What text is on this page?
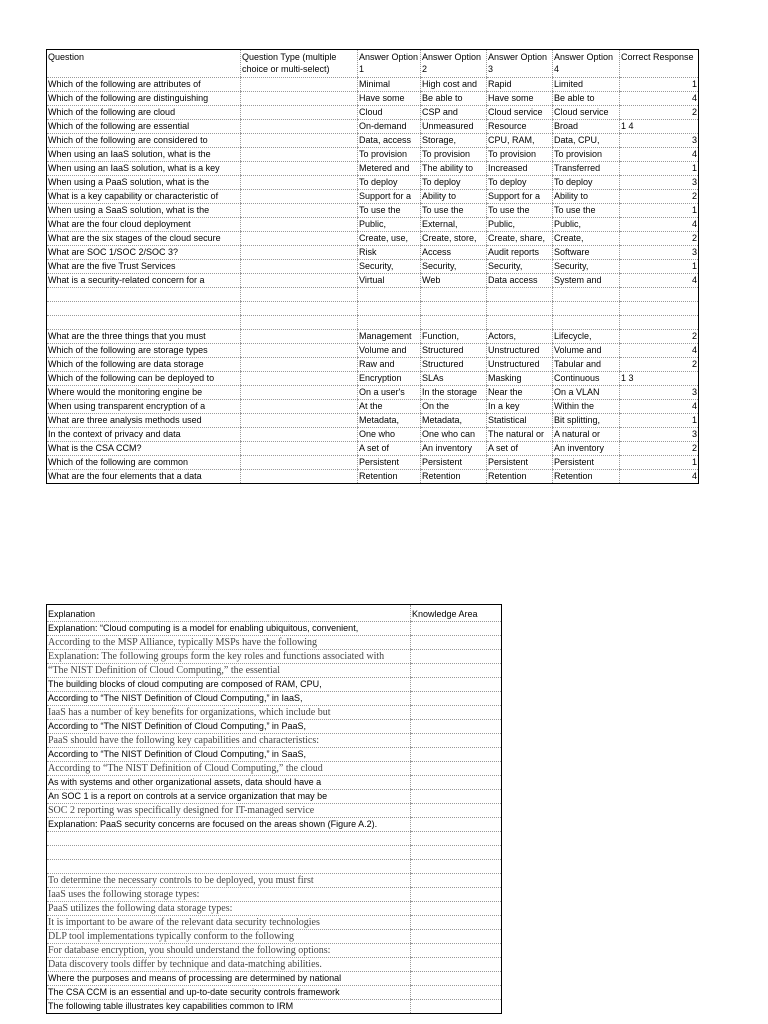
Question	Question Type (multiple choice or multi-select)	Answer Option 1	Answer Option 2	Answer Option 3	Answer Option 4	Correct Response
Which of the following are attributes of		Minimal	High cost and	Rapid	Limited	1
Which of the following are distinguishing		Have some	Be able to	Have some	Be able to	4
Which of the following are cloud		Cloud	CSP and	Cloud service	Cloud service	2
Which of the following are essential		On-demand	Unmeasured	Resource	Broad	1 4
Which of the following are considered to		Data, access	Storage,	CPU, RAM,	Data, CPU,	3
When using an IaaS solution, what is the		To provision	To provision	To provision	To provision	4
When using an IaaS solution, what is a key		Metered and	The ability to	Increased	Transferred	1
When using a PaaS solution, what is the		To deploy	To deploy	To deploy	To deploy	3
What is a key capability or characteristic of		Support for a	Ability to	Support for a	Ability to	2
When using a SaaS solution, what is the		To use the	To use the	To use the	To use the	1
What are the four cloud deployment		Public,	External,	Public,	Public,	4
What are the six stages of the cloud secure		Create, use,	Create, store,	Create, share,	Create,	2
What are SOC 1/SOC 2/SOC 3?		Risk	Access	Audit reports	Software	3
What are the five Trust Services		Security,	Security,	Security,	Security,	1
What is a security-related concern for a		Virtual	Web	Data access	System and	4

What are the three things that you must		Management	Function,	Actors,	Lifecycle,	2
Which of the following are storage types		Volume and	Structured	Unstructured	Volume and	4
Which of the following are data storage		Raw and	Structured	Unstructured	Tabular and	2
Which of the following can be deployed to		Encryption	SLAs	Masking	Continuous	1 3
Where would the monitoring engine be		On a user's	In the storage	Near the	On a VLAN	3
When using transparent encryption of a		At the	On the	In a key	Within the	4
What are three analysis methods used		Metadata,	Metadata,	Statistical	Bit splitting,	1
In the context of privacy and data		One who	One who can	The natural or	A natural or	3
What is the CSA CCM?		A set of	An inventory	A set of	An inventory	2
Which of the following are common		Persistent	Persistent	Persistent	Persistent	1
What are the four elements that a data		Retention	Retention	Retention	Retention	4
Explanation	Knowledge Area
Explanation: “Cloud computing is a model for enabling ubiquitous, convenient,	
According to the MSP Alliance, typically MSPs have the following	
Explanation: The following groups form the key roles and functions associated with	
“The NIST Definition of Cloud Computing,” the essential	
The building blocks of cloud computing are composed of RAM, CPU,	
According to “The NIST Definition of Cloud Computing,” in IaaS,	
IaaS has a number of key benefits for organizations, which include but	
According to “The NIST Definition of Cloud Computing,” in PaaS,	
PaaS should have the following key capabilities and characteristics:	
According to “The NIST Definition of Cloud Computing,” in SaaS,	
According to “The NIST Definition of Cloud Computing,” the cloud	
As with systems and other organizational assets, data should have a	
An SOC 1 is a report on controls at a service organization that may be	
SOC 2 reporting was specifically designed for IT-managed service	
Explanation: PaaS security concerns are focused on the areas shown (Figure A.2).	

To determine the necessary controls to be deployed, you must first	
IaaS uses the following storage types:	
PaaS utilizes the following data storage types:	
It is important to be aware of the relevant data security technologies	
DLP tool implementations typically conform to the following	
For database encryption, you should understand the following options:	
Data discovery tools differ by technique and data-matching abilities.	
Where the purposes and means of processing are determined by national	
The CSA CCM is an essential and up-to-date security controls framework	
The following table illustrates key capabilities common to IRM	
